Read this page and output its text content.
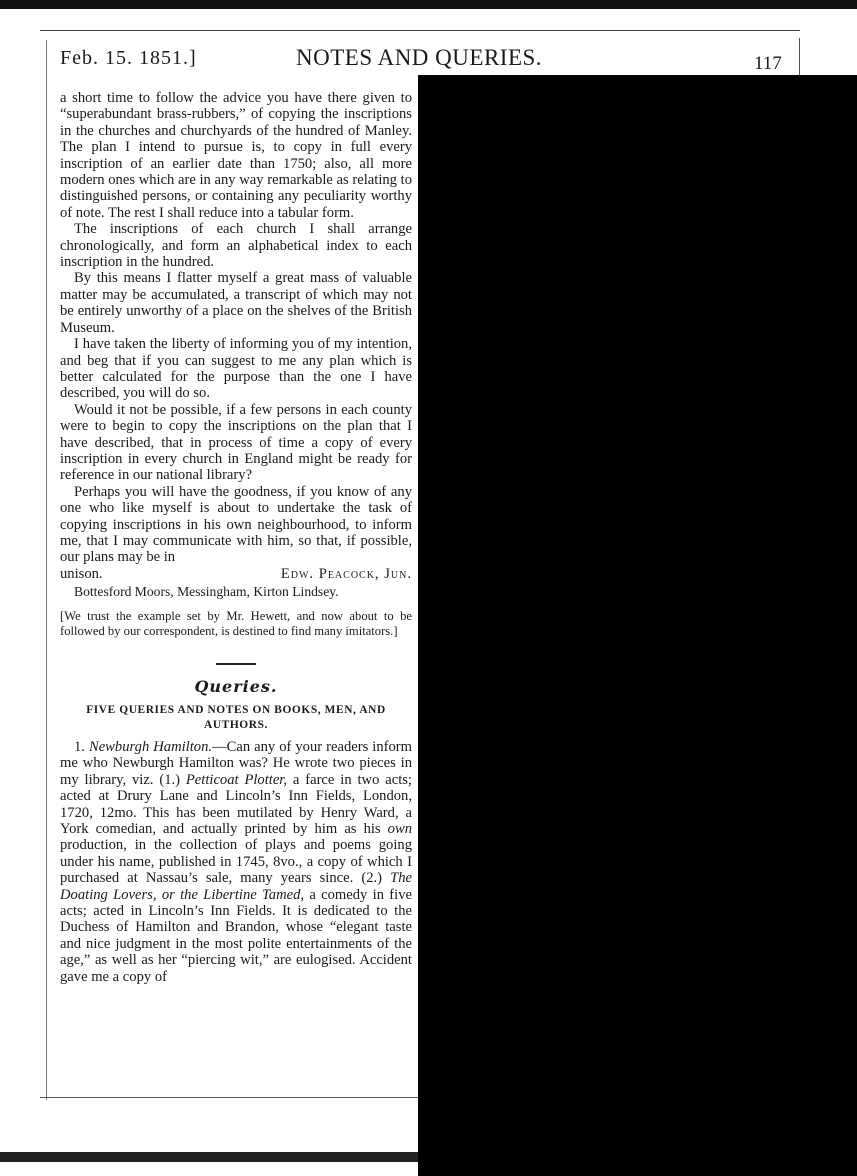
Feb. 15. 1851.]	NOTES AND QUERIES.	117

a short time to follow the advice you have there given to “superabundant brass-rubbers,” of copying the inscriptions in the churches and churchyards of the hundred of Manley. The plan I intend to pursue is, to copy in full every inscription of an earlier date than 1750; also, all more modern ones which are in any way remarkable as relating to distinguished persons, or containing any peculiarity worthy of note. The rest I shall reduce into a tabular form.

The inscriptions of each church I shall arrange chronologically, and form an alphabetical index to each inscription in the hundred.

By this means I flatter myself a great mass of valuable matter may be accumulated, a transcript of which may not be entirely unworthy of a place on the shelves of the British Museum.

I have taken the liberty of informing you of my intention, and beg that if you can suggest to me any plan which is better calculated for the purpose than the one I have described, you will do so.

Would it not be possible, if a few persons in each county were to begin to copy the inscriptions on the plan that I have described, that in process of time a copy of every inscription in every church in England might be ready for reference in our national library?

Perhaps you will have the goodness, if you know of any one who like myself is about to undertake the task of copying inscriptions in his own neighbourhood, to inform me, that I may communicate with him, so that, if possible, our plans may be in

unison.	Edw. Peacock, Jun.

Bottesford Moors, Messingham, Kirton Lindsey.

[We trust the example set by Mr. Hewett, and now about to be followed by our correspondent, is destined to find many imitators.]

Queries.
FIVE QUERIES AND NOTES ON BOOKS, MEN, AND AUTHORS.

1. Newburgh Hamilton.—Can any of your readers inform me who Newburgh Hamilton was? He wrote two pieces in my library, viz. (1.) Petticoat Plotter, a farce in two acts; acted at Drury Lane and Lincoln’s Inn Fields, London, 1720, 12mo. This has been mutilated by Henry Ward, a York comedian, and actually printed by him as his own production, in the collection of plays and poems going under his name, published in 1745, 8vo., a copy of which I purchased at Nassau’s sale, many years since. (2.) The Doating Lovers, or the Libertine Tamed, a comedy in five acts; acted in Lincoln’s Inn Fields. It is dedicated to the Duchess of Hamilton and Brandon, whose “elegant taste and nice judgment in the most polite entertainments of the age,” as well as her “piercing wit,” are eulogised. Accident gave me a copy of
